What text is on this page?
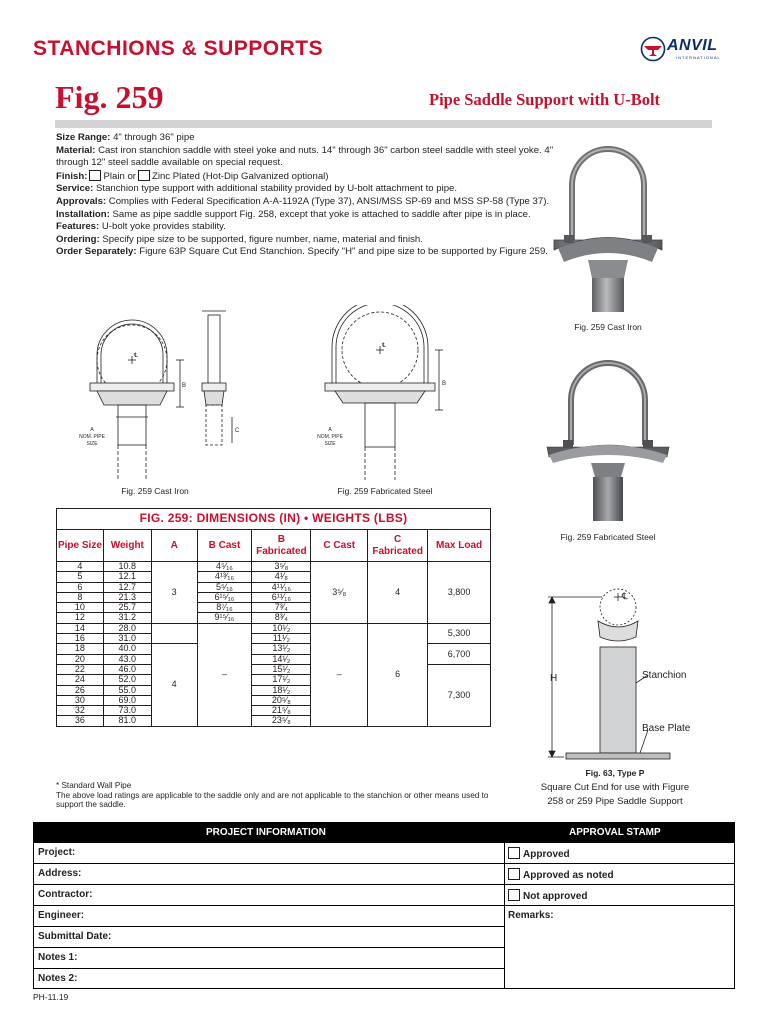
STANCHIONS & SUPPORTS	ANVIL
INTERNATIONAL
Fig. 259	Pipe Saddle Support with U-Bolt

Size Range: 4" through 36" pipe

Material: Cast iron stanchion saddle with steel yoke and nuts. 14" through 36" carbon steel saddle with steel yoke. 4" through 12" steel saddle available on special request.

Finish: Plain or Zinc Plated (Hot-Dip Galvanized optional)

Service: Stanchion type support with additional stability provided by U-bolt attachment to pipe.

Approvals: Complies with Federal Specification A-A-1192A (Type 37), ANSI/MSS SP-69 and MSS SP-58 (Type 37).

Installation: Same as pipe saddle support Fig. 258, except that yoke is attached to saddle after pipe is in place.

Features: U-bolt yoke provides stability.

Ordering: Specify pipe size to be supported, figure number, name, material and finish.

Order Separately: Figure 63P Square Cut End Stanchion. Specify "H" and pipe size to be supported by Figure 259.

Fig. 259 Cast Iron
Fig. 259 Fabricated Steel
B
C
℄
A
NOM. PIPE
SIZE
Fig. 259 Cast Iron
B
℄
A
NOM. PIPE
SIZE
Fig. 259 Fabricated Steel
℄
H	Stanchion
Base Plate
Fig. 63, Type P
Square Cut End for use with Figure
258 or 259 Pipe Saddle Support
FIG. 259: DIMENSIONS (IN) • WEIGHTS (LBS)							
Pipe Size	Weight	A	B Cast	B Fabricated	C Cast	C Fabricated	Max Load
4	10.8	3	4⁵⁄₁₆	3⁵⁄₈	3⁵⁄₈	4	3,800
5	12.1		4¹³⁄₁₆	4¹⁄₈			
6	12.7		5⁵⁄₁₆	4¹¹⁄₁₆			
8	21.3		6¹⁵⁄₁₆	6¹¹⁄₁₆			
10	25.7		8⁷⁄₁₆	7³⁄₄			
12	31.2		9¹⁵⁄₁₆	8³⁄₄			
14	28.0		–	10¹⁄₂	–	6	5,300
16	31.0			11¹⁄₂			
18	40.0	4		13¹⁄₂			6,700
20	43.0			14¹⁄₂			
22	46.0			15¹⁄₂			7,300
24	52.0			17¹⁄₂			
26	55.0			18¹⁄₂			
30	69.0			20⁵⁄₈			
32	73.0			21⁵⁄₈			
36	81.0			23⁵⁄₈			
* Standard Wall Pipe
The above load ratings are applicable to the saddle only and are not applicable to the stanchion or other means used to support the saddle.
PROJECT INFORMATION	APPROVAL STAMP
Project:
Address:
Contractor:
Engineer:
Submittal Date:
Notes 1:
Notes 2:
Approved
Approved as noted
Not approved
Remarks:
PH-11.19
